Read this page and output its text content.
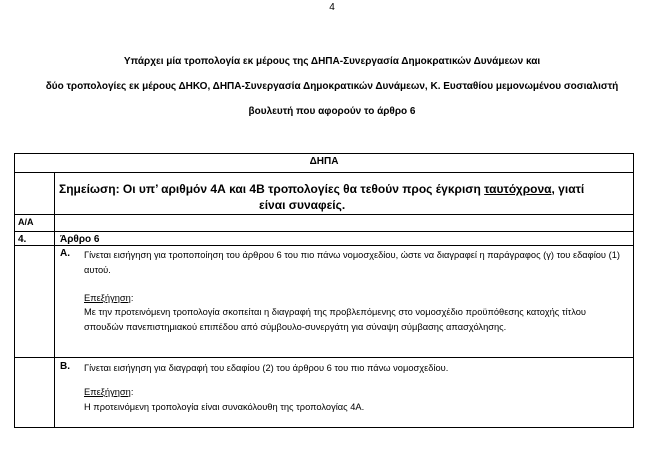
4
Υπάρχει μία τροπολογία εκ μέρους της ΔΗΠΑ-Συνεργασία Δημοκρατικών Δυνάμεων και
δύο τροπολογίες εκ μέρους ΔΗΚΟ, ΔΗΠΑ-Συνεργασία Δημοκρατικών Δυνάμεων, Κ. Ευσταθίου μεμονωμένου σοσιαλιστή
βουλευτή που αφορούν το άρθρο 6
ΔΗΠΑ
Σημείωση: Οι υπ’ αριθμόν 4Α και 4Β τροπολογίες θα τεθούν προς έγκριση ταυτόχρονα, γιατί
είναι συναφείς.
Α/Α
4.	Άρθρο 6
Α. Γίνεται εισήγηση για τροποποίηση του άρθρου 6 του πιο πάνω νομοσχεδίου, ώστε να διαγραφεί η παράγραφος (γ) του εδαφίου (1) αυτού.
Επεξήγηση:
Με την προτεινόμενη τροπολογία σκοπείται η διαγραφή της προβλεπόμενης στο νομοσχέδιο προϋπόθεσης κατοχής τίτλου σπουδών πανεπιστημιακού επιπέδου από σύμβουλο-συνεργάτη για σύναψη σύμβασης απασχόλησης.
Β. Γίνεται εισήγηση για διαγραφή του εδαφίου (2) του άρθρου 6 του πιο πάνω νομοσχεδίου.
Επεξήγηση:
Η προτεινόμενη τροπολογία είναι συνακόλουθη της τροπολογίας 4Α.
